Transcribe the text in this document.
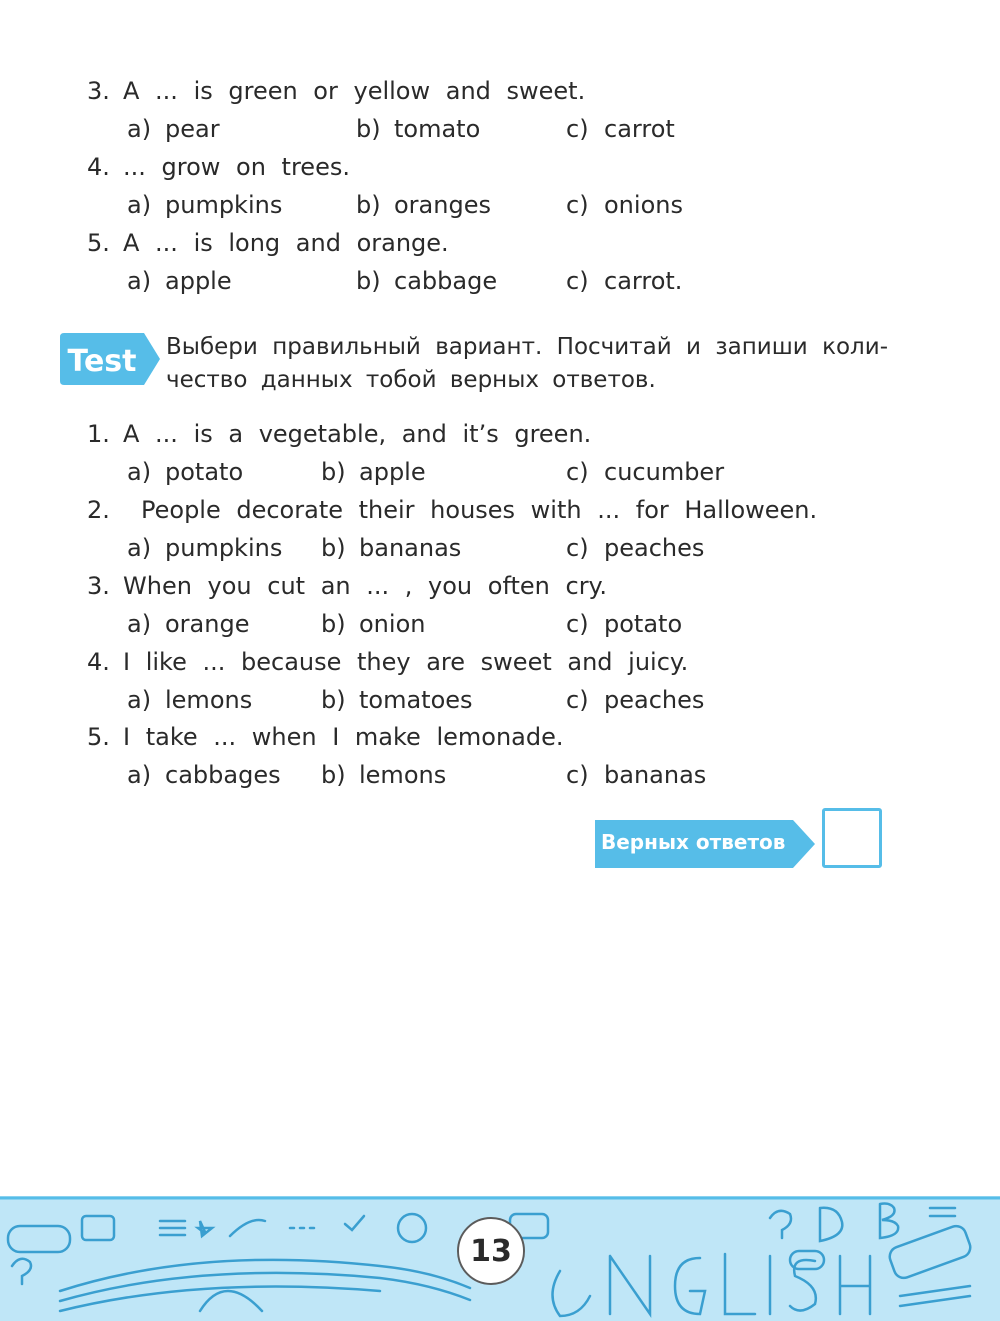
3. A ... is green or yellow and sweet.
a) pear	b) tomato	c) carrot
4. ... grow on trees.
a) pumpkins	b) oranges	c) onions
5. A ... is long and orange.
a) apple	b) cabbage	c) carrot.
Test Выбери правильный вариант. Посчитай и запиши коли-
чество данных тобой верных ответов.
1. A ... is a vegetable, and it’s green.
a) potato	b) apple	c) cucumber
2. People decorate their houses with ... for Halloween.
a) pumpkins b) bananas	c) peaches
3. When you cut an ... , you often cry.
a) orange	b) onion	c) potato
4. I like ... because they are sweet and juicy.
a) lemons	b) tomatoes	c) peaches
5. I take ... when I make lemonade.
a) cabbages b) lemons	c) bananas
Верных ответов
13
